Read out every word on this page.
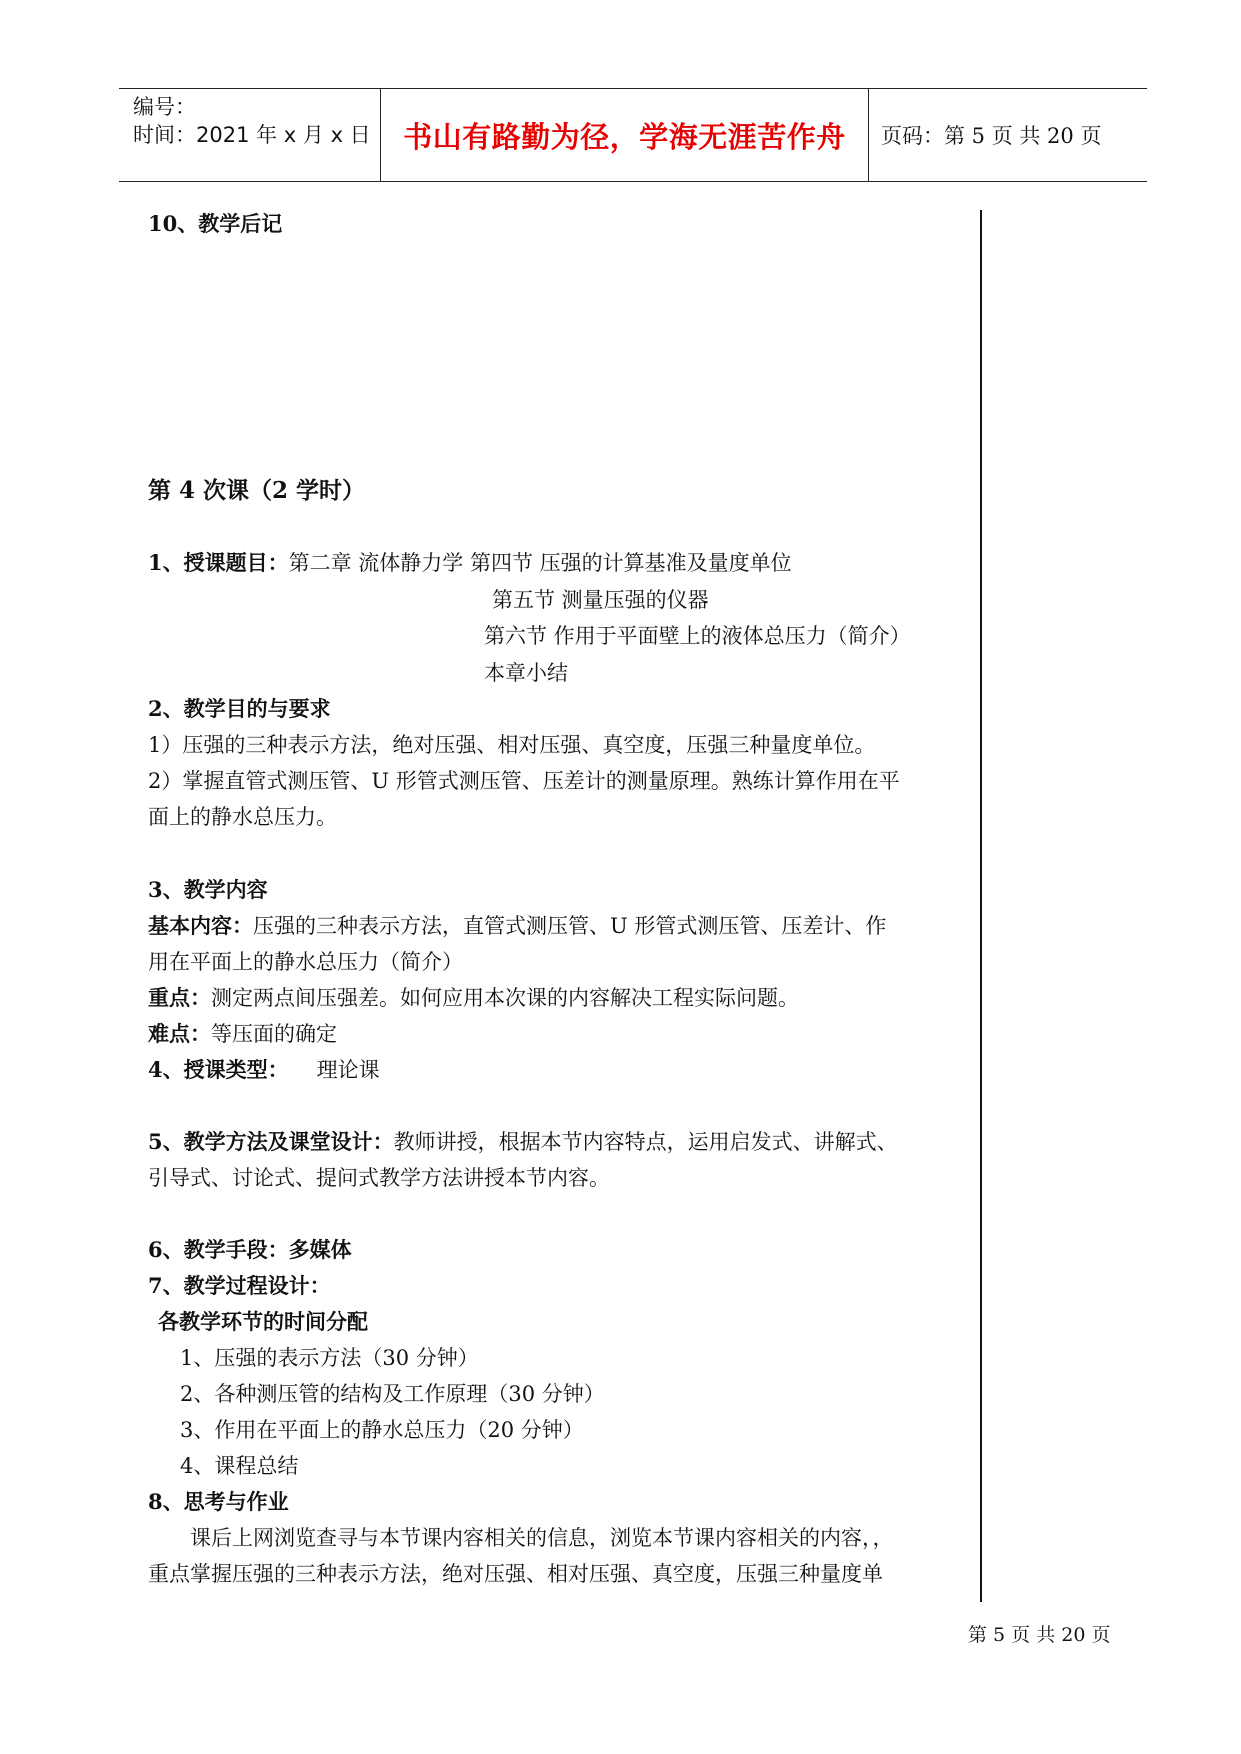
编号：
时间：2021 年 x 月 x 日	书山有路勤为径，学海无涯苦作舟	页码：第 5 页 共 20 页
10、教学后记
第 4 次课（2 学时）
1、授课题目：第二章 流体静力学 第四节 压强的计算基准及量度单位
第五节 测量压强的仪器
第六节 作用于平面壁上的液体总压力（简介）
本章小结
2、教学目的与要求
1）压强的三种表示方法，绝对压强、相对压强、真空度，压强三种量度单位。
2）掌握直管式测压管、U 形管式测压管、压差计的测量原理。熟练计算作用在平
面上的静水总压力。
3、教学内容
基本内容：压强的三种表示方法，直管式测压管、U 形管式测压管、压差计、作
用在平面上的静水总压力（简介）
重点：测定两点间压强差。如何应用本次课的内容解决工程实际问题。
难点：等压面的确定
4、授课类型： 理论课
5、教学方法及课堂设计：教师讲授，根据本节内容特点，运用启发式、讲解式、
引导式、讨论式、提问式教学方法讲授本节内容。
6、教学手段：多媒体
7、教学过程设计：
各教学环节的时间分配
1、压强的表示方法（30 分钟）
2、各种测压管的结构及工作原理（30 分钟）
3、作用在平面上的静水总压力（20 分钟）
4、课程总结
8、思考与作业
课后上网浏览查寻与本节课内容相关的信息，浏览本节课内容相关的内容，，
重点掌握压强的三种表示方法，绝对压强、相对压强、真空度，压强三种量度单
第 5 页 共 20 页
